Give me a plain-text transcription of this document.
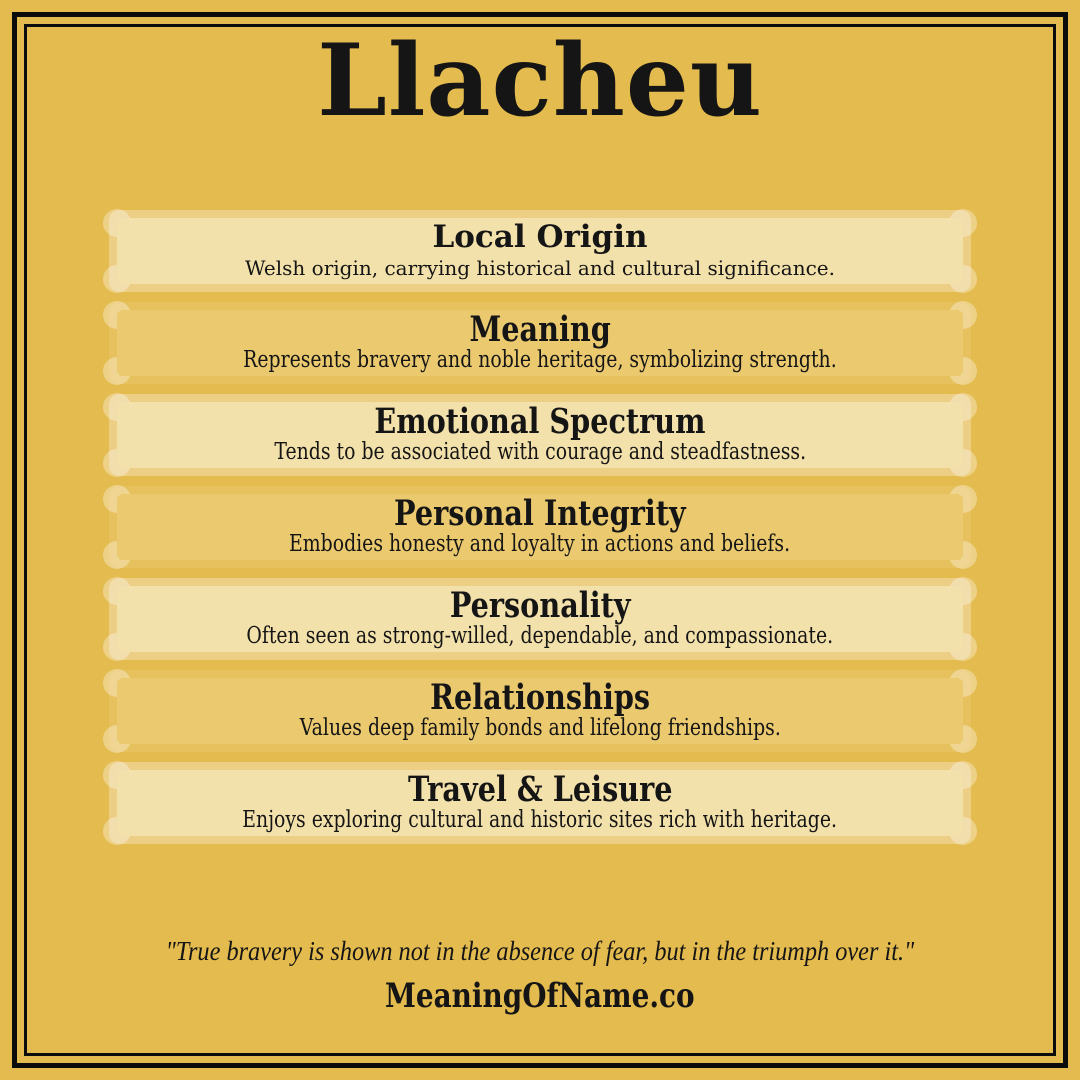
Llacheu
Local Origin

Welsh origin, carrying historical and cultural significance.

Meaning

Represents bravery and noble heritage, symbolizing strength.

Emotional Spectrum

Tends to be associated with courage and steadfastness.

Personal Integrity

Embodies honesty and loyalty in actions and beliefs.

Personality

Often seen as strong-willed, dependable, and compassionate.

Relationships

Values deep family bonds and lifelong friendships.

Travel & Leisure

Enjoys exploring cultural and historic sites rich with heritage.

"True bravery is shown not in the absence of fear, but in the triumph over it."
MeaningOfName.co
